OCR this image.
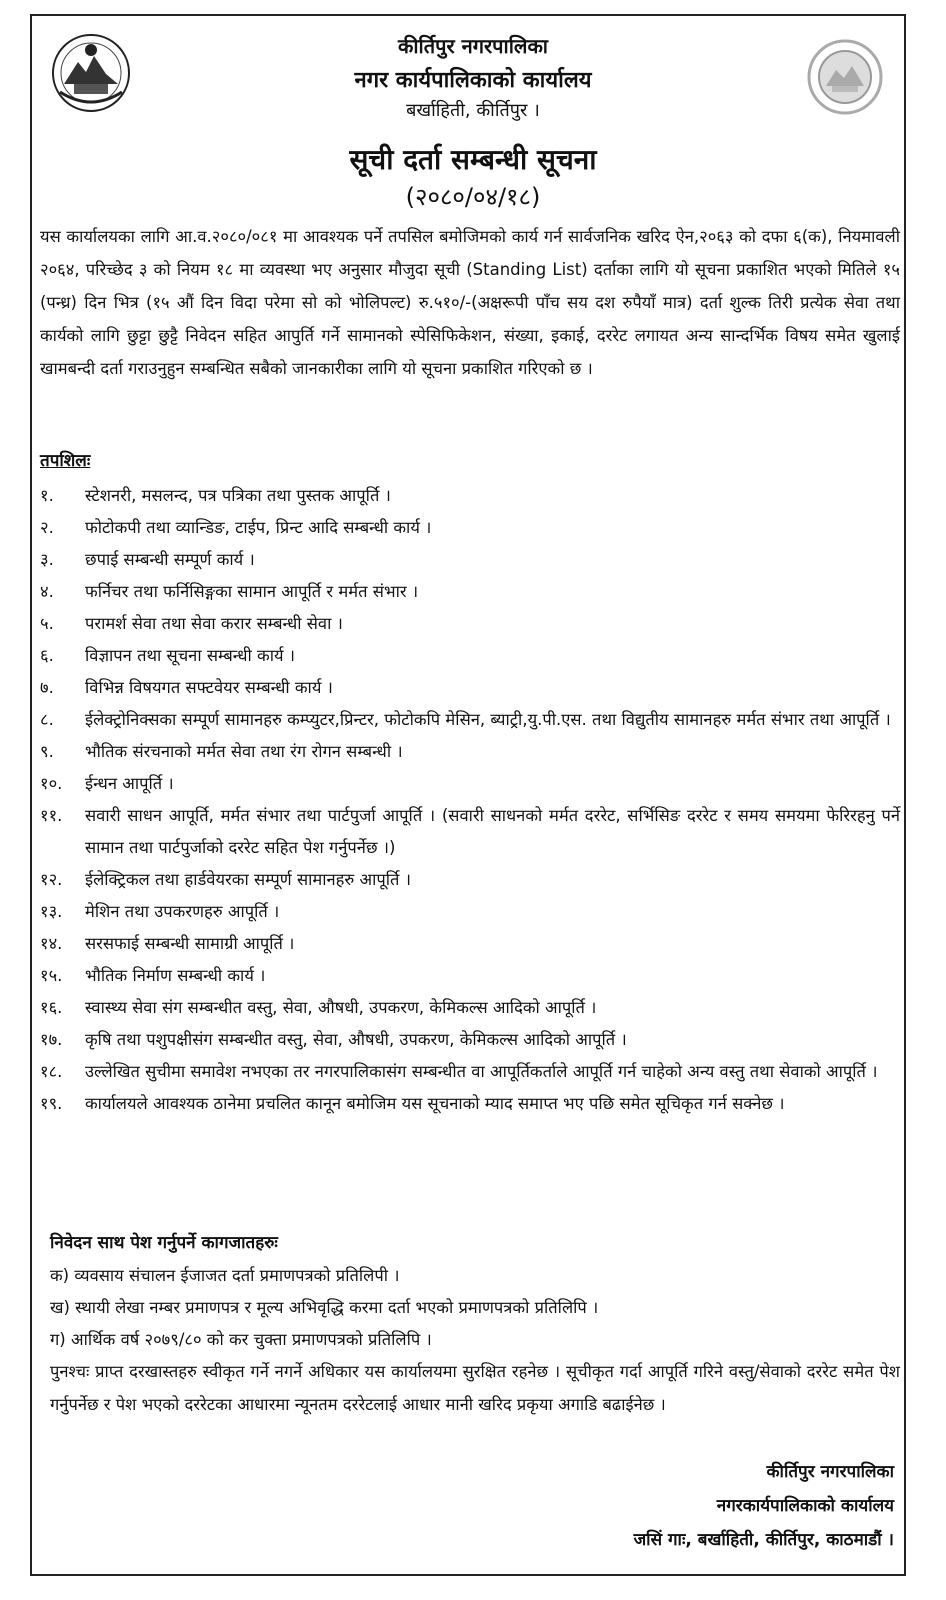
कीर्तिपुर नगरपालिका
नगर कार्यपालिकाको कार्यालय
बर्खाहिती, कीर्तिपुर ।
सूची दर्ता सम्बन्धी सूचना
(२०८०/०४/१८)
यस कार्यालयका लागि आ.व.२०८०/०८१ मा आवश्यक पर्ने तपसिल बमोजिमको कार्य गर्न सार्वजनिक खरिद ऐन,२०६३ को दफा ६(क), नियमावली २०६४, परिच्छेद ३ को नियम १८ मा व्यवस्था भए अनुसार मौजुदा सूची (Standing List) दर्ताका लागि यो सूचना प्रकाशित भएको मितिले १५ (पन्ध्र) दिन भित्र (१५ औं दिन विदा परेमा सो को भोलिपल्ट) रु.५१०/-(अक्षरूपी पाँच सय दश रुपैयाँ मात्र) दर्ता शुल्क तिरी प्रत्येक सेवा तथा कार्यको लागि छुट्टा छुट्टै निवेदन सहित आपुर्ति गर्ने सामानको स्पेसिफिकेशन, संख्या, इकाई, दररेट लगायत अन्य सान्दर्भिक विषय समेत खुलाई खामबन्दी दर्ता गराउनुहुन सम्बन्धित सबैको जानकारीका लागि यो सूचना प्रकाशित गरिएको छ ।
तपशिलः
१.	स्टेशनरी, मसलन्द, पत्र पत्रिका तथा पुस्तक आपूर्ति ।
२.	फोटोकपी तथा व्यान्डिङ, टाईप, प्रिन्ट आदि सम्बन्धी कार्य ।
३.	छपाई सम्बन्धी सम्पूर्ण कार्य ।
४.	फर्निचर तथा फर्निसिङ्गका सामान आपूर्ति र मर्मत संभार ।
५.	परामर्श सेवा तथा सेवा करार सम्बन्धी सेवा ।
६.	विज्ञापन तथा सूचना सम्बन्धी कार्य ।
७.	विभिन्न विषयगत सफ्टवेयर सम्बन्धी कार्य ।
८.	ईलेक्ट्रोनिक्सका सम्पूर्ण सामानहरु कम्प्युटर,प्रिन्टर, फोटोकपि मेसिन, ब्याट्री,यु.पी.एस. तथा विद्युतीय सामानहरु मर्मत संभार तथा आपूर्ति ।
९.	भौतिक संरचनाको मर्मत सेवा तथा रंग रोगन सम्बन्धी ।
१०.	ईन्धन आपूर्ति ।
११.	सवारी साधन आपूर्ति, मर्मत संभार तथा पार्टपुर्जा आपूर्ति । (सवारी साधनको मर्मत दररेट, सर्भिसिङ दररेट र समय समयमा फेरिरहनु पर्ने सामान तथा पार्टपुर्जाको दररेट सहित पेश गर्नुपर्नेछ ।)
१२.	ईलेक्ट्रिकल तथा हार्डवेयरका सम्पूर्ण सामानहरु आपूर्ति ।
१३.	मेशिन तथा उपकरणहरु आपूर्ति ।
१४.	सरसफाई सम्बन्धी सामाग्री आपूर्ति ।
१५.	भौतिक निर्माण सम्बन्धी कार्य ।
१६.	स्वास्थ्य सेवा संग सम्बन्धीत वस्तु, सेवा, औषधी, उपकरण, केमिकल्स आदिको आपूर्ति ।
१७.	कृषि तथा पशुपक्षीसंग सम्बन्धीत वस्तु, सेवा, औषधी, उपकरण, केमिकल्स आदिको आपूर्ति ।
१८.	उल्लेखित सुचीमा समावेश नभएका तर नगरपालिकासंग सम्बन्धीत वा आपूर्तिकर्ताले आपूर्ति गर्न चाहेको अन्य वस्तु तथा सेवाको आपूर्ति ।
१९.	कार्यालयले आवश्यक ठानेमा प्रचलित कानून बमोजिम यस सूचनाको म्याद समाप्त भए पछि समेत सूचिकृत गर्न सक्नेछ ।
निवेदन साथ पेश गर्नुपर्ने कागजातहरुः
क) व्यवसाय संचालन ईजाजत दर्ता प्रमाणपत्रको प्रतिलिपी ।
ख) स्थायी लेखा नम्बर प्रमाणपत्र र मूल्य अभिवृद्धि करमा दर्ता भएको प्रमाणपत्रको प्रतिलिपि ।
ग) आर्थिक वर्ष २०७९/८० को कर चुक्ता प्रमाणपत्रको प्रतिलिपि ।
पुनश्चः प्राप्त दरखास्तहरु स्वीकृत गर्ने नगर्ने अधिकार यस कार्यालयमा सुरक्षित रहनेछ । सूचीकृत गर्दा आपूर्ति गरिने वस्तु/सेवाको दररेट समेत पेश गर्नुपर्नेछ र पेश भएको दररेटका आधारमा न्यूनतम दररेटलाई आधार मानी खरिद प्रकृया अगाडि बढाईनेछ ।
कीर्तिपुर नगरपालिका
नगरकार्यपालिकाको कार्यालय
जसिं गाः, बर्खाहिती, कीर्तिपुर, काठमाडौं ।
